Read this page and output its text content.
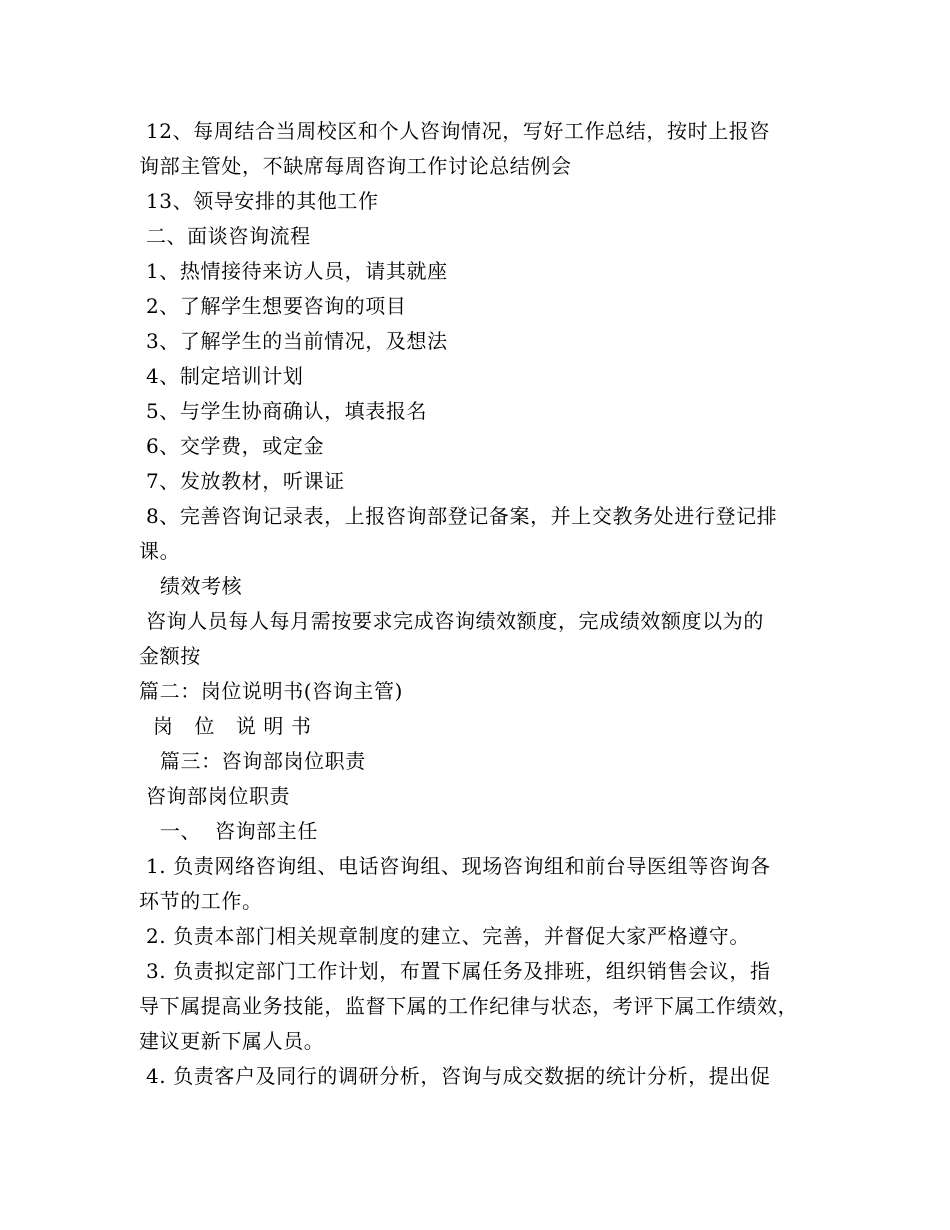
12、每周结合当周校区和个人咨询情况，写好工作总结，按时上报咨
询部主管处，不缺席每周咨询工作讨论总结例会
13、领导安排的其他工作
二、面谈咨询流程
1、热情接待来访人员，请其就座
2、了解学生想要咨询的项目
3、了解学生的当前情况，及想法
4、制定培训计划
5、与学生协商确认，填表报名
6、交学费，或定金
7、发放教材，听课证
8、完善咨询记录表，上报咨询部登记备案，并上交教务处进行登记排
课。
绩效考核
咨询人员每人每月需按要求完成咨询绩效额度，完成绩效额度以为的
金额按
篇二：岗位说明书(咨询主管)
岗   位   说 明 书
篇三：咨询部岗位职责
咨询部岗位职责
一、  咨询部主任
1. 负责网络咨询组、电话咨询组、现场咨询组和前台导医组等咨询各
环节的工作。
2. 负责本部门相关规章制度的建立、完善，并督促大家严格遵守。
3. 负责拟定部门工作计划，布置下属任务及排班，组织销售会议，指
导下属提高业务技能，监督下属的工作纪律与状态，考评下属工作绩效，
建议更新下属人员。
4. 负责客户及同行的调研分析，咨询与成交数据的统计分析，提出促
